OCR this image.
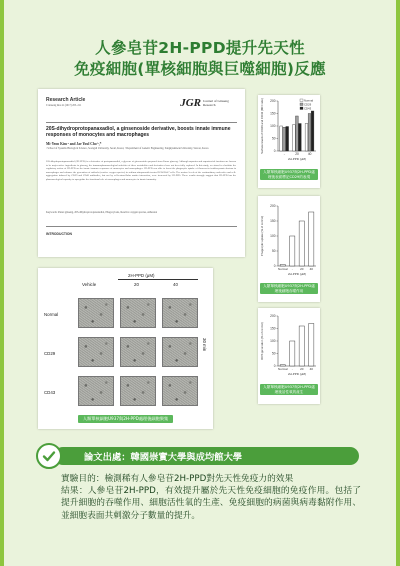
人參皂苷2H-PPD提升先天性
免疫細胞(單核細胞與巨噬細胞)反應
Research Article
J Ginseng Res 41 (2017) 205–211	JGR Journal of Ginseng Research
20S-dihydroprotopanaxadiol, a ginsenoside derivative, boosts innate immune responses of monocytes and macrophages
Mi-Yeon Kim ᵃ and Jae Youl Cho ᵇ,*
ᵃ School of Systems Biological Science, Soongsil University, Seoul, Korea; ᵇ Department of Genetic Engineering, Sungkyunkwan University, Suwon, Korea
20S-dihydroprotopanaxadiol (2H-PPD) is a derivative of protopanaxadiol, a glycone of ginsenosides prepared from Panax ginseng. Although saponins and saponin-rich fractions are known to be major active ingredients in ginseng, the immunopharmacological activities of these metabolites and derivatives have not been fully explored. In this study, we aimed to elucidate the regulatory action of 2H-PPD on the innate immune responses of monocytes and macrophages. 2H-PPD was able to boost the phagocytic uptake of fluorescein isothiocyanate-dextran in macrophages and enhance the generation of radicals (reactive oxygen species) in sodium nitroprusside-treated RAW264.7 cells. The surface levels of the costimulatory molecules and cell-aggregation induced by CD29 and CD43 antibodies, but not by cell-extracellular matrix interaction, were increased by 2H-PPD. These results strongly suggest that 2H-PPD has the pharmacological capacity to upregulate the functional role of macrophages and monocytes in innate immunity.
Keywords: Panax ginseng, 20S-dihydroprotopanaxadiol, Phagocytosis, Reactive oxygen species, Adhesion
INTRODUCTION
2H-PPD (μM)
Vehicle	20	40
Normal
CD29
CD43
30 min
人類單核細胞U937與2H-PPD處理後細胞聚集
0
50
100
150
200
Surface levels of CD29 and CD43 (MFI ratio)
-	20	40
Normal
CD29
CD43
2H-PPD (μM)
人類單核細胞U937與2H-PPD處理後表面標記CD29的表現
0
50
100
150
200
Phagocytic uptake (% of control)
Normal - 20 40
2H-PPD (μM)
人類單核細胞U937與2H-PPD處理後細胞吞噬作用
0
50
100
150
200
ROS generation (% of control)
Normal - 20 40
2H-PPD (μM)
人類單核細胞U937與2H-PPD處理後活性氧的產生
論文出處：韓國崇實大學與成均館大學

實驗目的：檢測稀有人參皂苷2H-PPD對先天性免疫力的效果

結果：人參皂苷2H-PPD，有效提升屬於先天性免疫細胞的免疫作用。包括了提升細胞的吞噬作用、細胞活性氧的生產、免疫細胞的病菌與病毒黏附作用、並細胞表面共刺激分子數量的提升。
